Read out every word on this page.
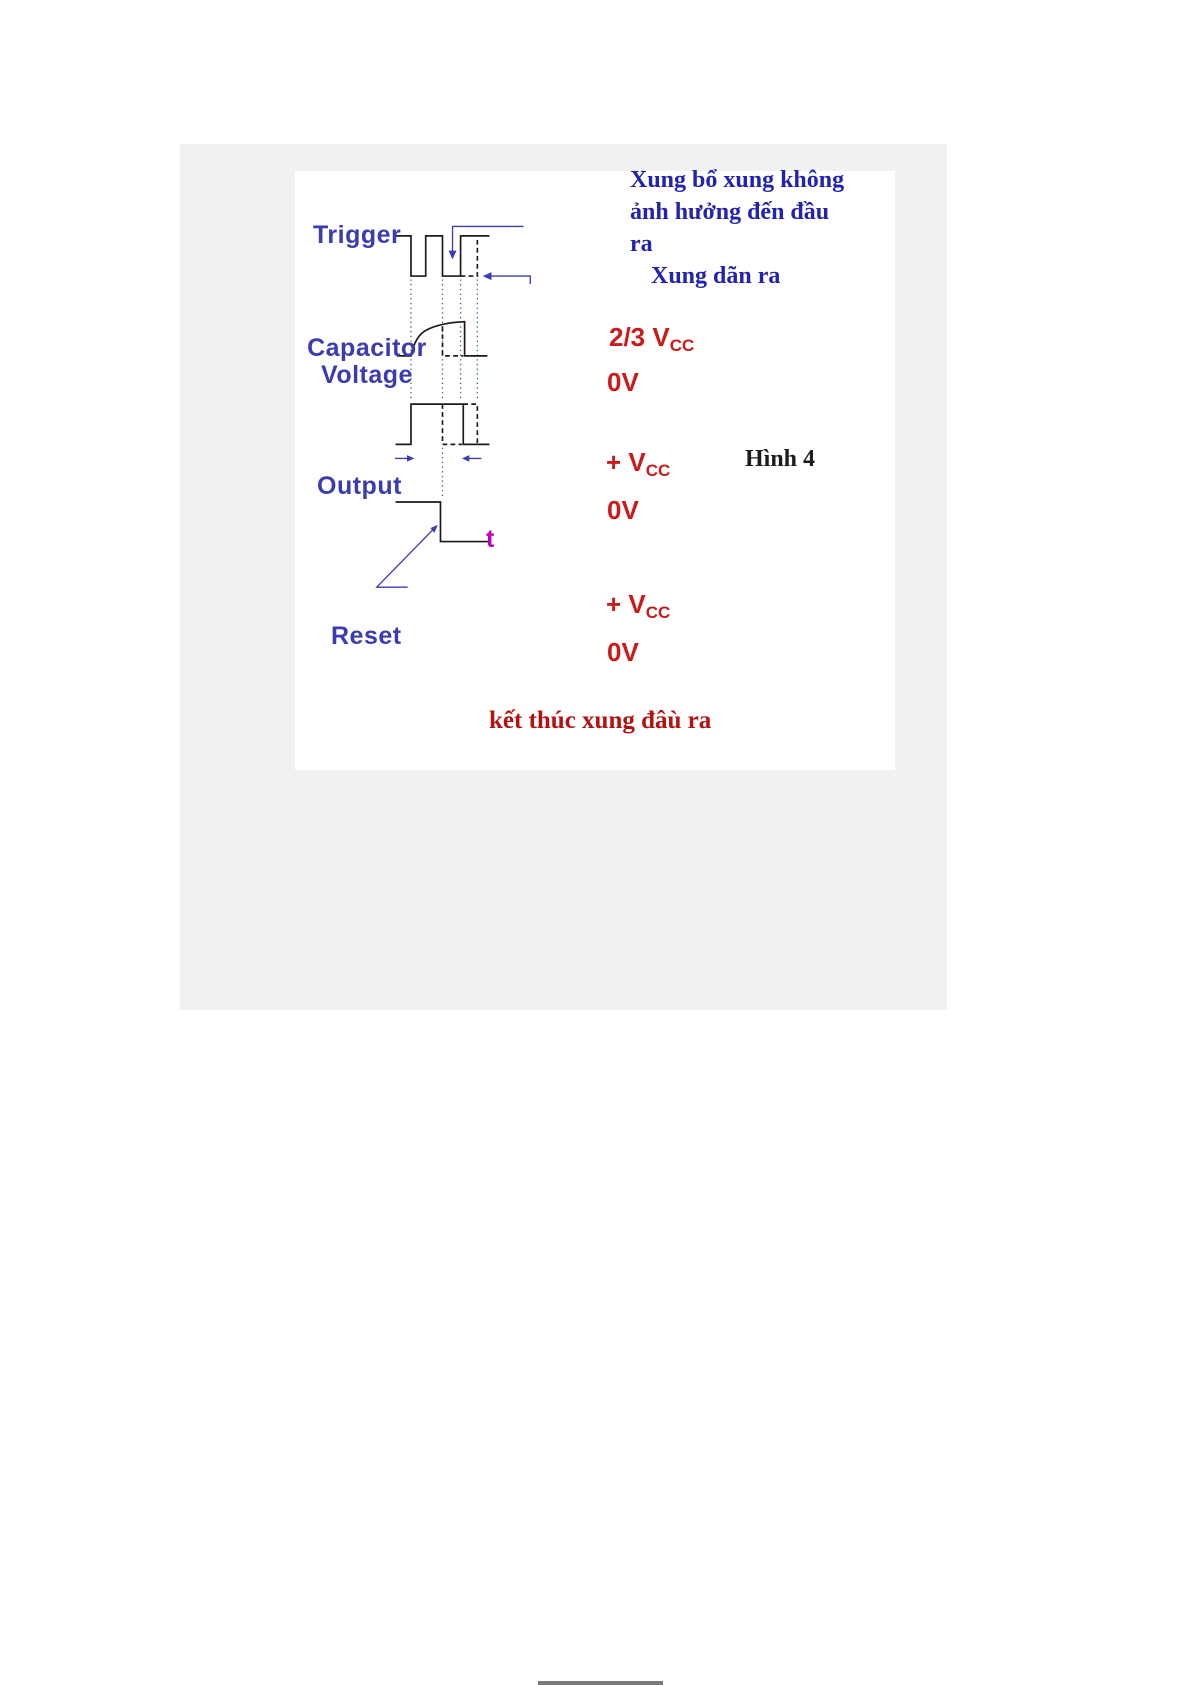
Trigger
Capacitor
Voltage
Output
Reset
Xung bổ xung không
ảnh hưởng đến đầu
ra
Xung dãn ra
2/3 $V_{CC}$
0V
+ $V_{CC}$
0V
Hình 4
t
+ $V_{CC}$
0V
kết thúc xung đâù ra
